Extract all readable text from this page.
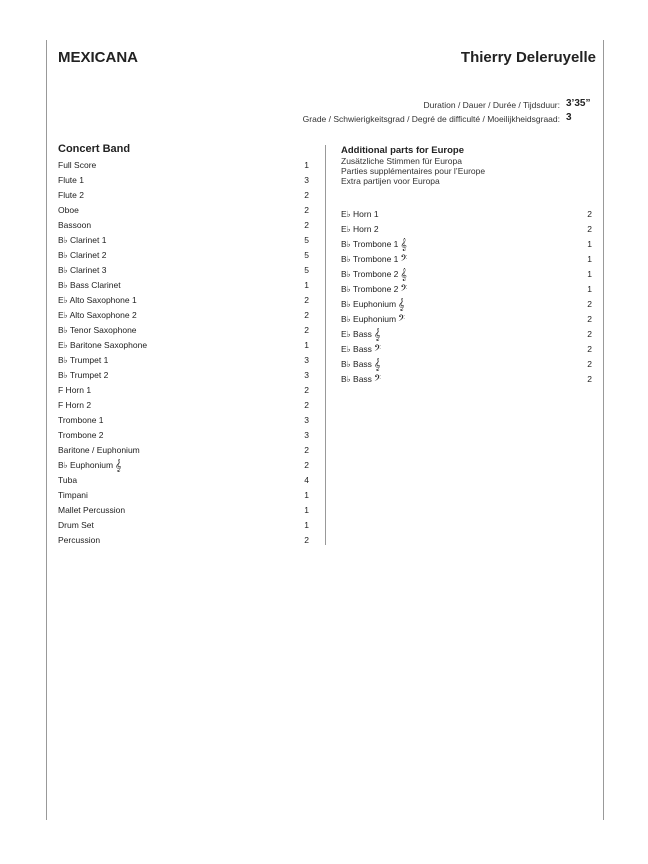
MEXICANA	Thierry Deleruyelle
Duration / Dauer / Durée / Tijdsduur: 3’35”
Grade / Schwierigkeitsgrad / Degré de difficulté / Moeilijkheidsgraad: 3
Concert Band
Full Score	1
Flute 1	3
Flute 2	2
Oboe	2
Bassoon	2
B♭ Clarinet 1	5
B♭ Clarinet 2	5
B♭ Clarinet 3	5
B♭ Bass Clarinet	1
E♭ Alto Saxophone 1	2
E♭ Alto Saxophone 2	2
B♭ Tenor Saxophone	2
E♭ Baritone Saxophone	1
B♭ Trumpet 1	3
B♭ Trumpet 2	3
F Horn 1	2
F Horn 2	2
Trombone 1	3
Trombone 2	3
Baritone / Euphonium	2
B♭ Euphonium 𝄞	2
Tuba	4
Timpani	1
Mallet Percussion	1
Drum Set	1
Percussion	2
Additional parts for Europe
Zusätzliche Stimmen für Europa
Parties supplémentaires pour l’Europe
Extra partijen voor Europa
E♭ Horn 1	2
E♭ Horn 2	2
B♭ Trombone 1 𝄞	1
B♭ Trombone 1 𝄢	1
B♭ Trombone 2 𝄞	1
B♭ Trombone 2 𝄢	1
B♭ Euphonium 𝄞	2
B♭ Euphonium 𝄢	2
E♭ Bass 𝄞	2
E♭ Bass 𝄢	2
B♭ Bass 𝄞	2
B♭ Bass 𝄢	2
